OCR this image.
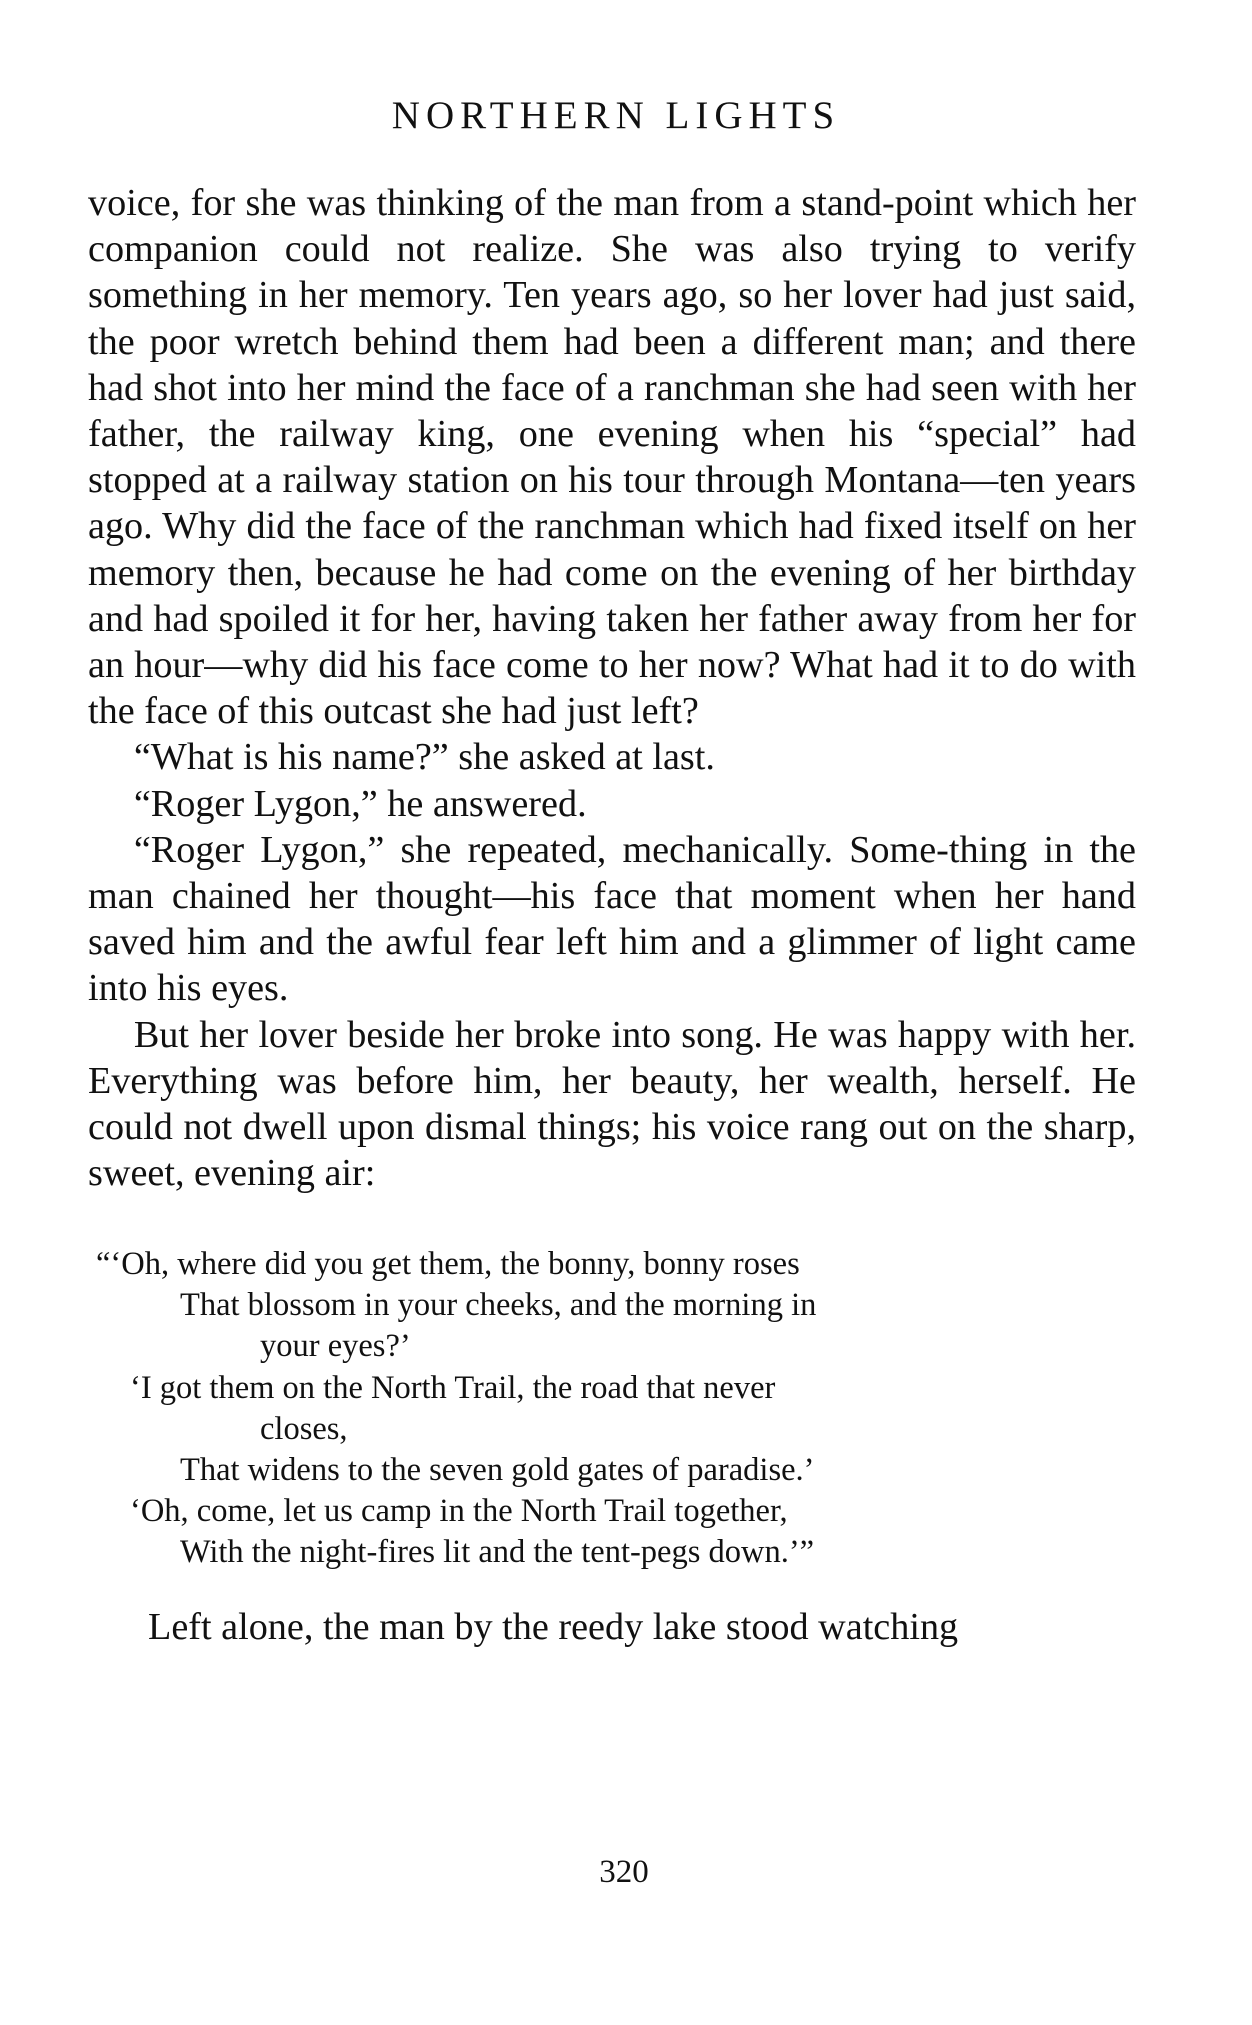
NORTHERN LIGHTS

voice, for she was thinking of the man from a stand-point which her companion could not realize. She was also trying to verify something in her memory. Ten years ago, so her lover had just said, the poor wretch behind them had been a different man; and there had shot into her mind the face of a ranchman she had seen with her father, the railway king, one evening when his “special” had stopped at a railway station on his tour through Montana—ten years ago. Why did the face of the ranchman which had fixed itself on her memory then, because he had come on the evening of her birthday and had spoiled it for her, having taken her father away from her for an hour—why did his face come to her now? What had it to do with the face of this outcast she had just left?

“What is his name?” she asked at last.

“Roger Lygon,” he answered.

“Roger Lygon,” she repeated, mechanically. Some-thing in the man chained her thought—his face that moment when her hand saved him and the awful fear left him and a glimmer of light came into his eyes.

But her lover beside her broke into song. He was happy with her. Everything was before him, her beauty, her wealth, herself. He could not dwell upon dismal things; his voice rang out on the sharp, sweet, evening air:

“‘Oh, where did you get them, the bonny, bonny roses
That blossom in your cheeks, and the morning in
your eyes?’
‘I got them on the North Trail, the road that never
closes,
That widens to the seven gold gates of paradise.’
‘Oh, come, let us camp in the North Trail together,
With the night-fires lit and the tent-pegs down.’”
Left alone, the man by the reedy lake stood watching
320
